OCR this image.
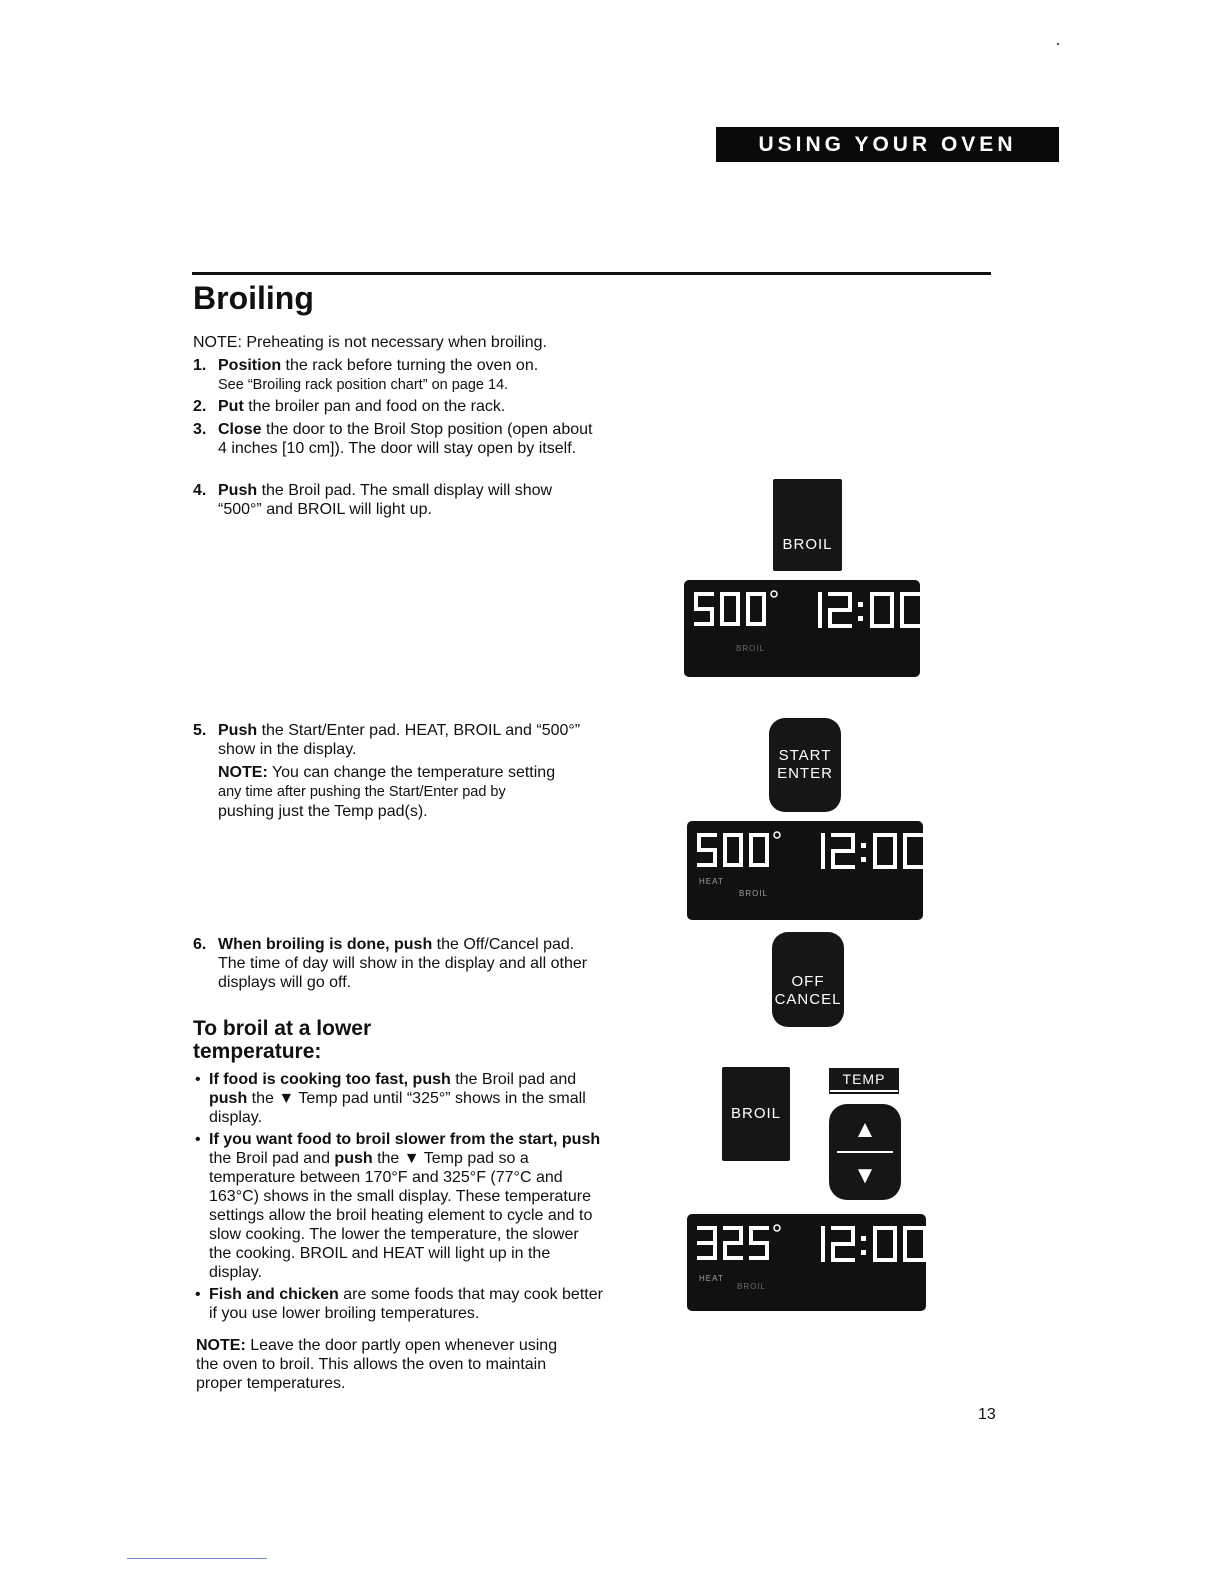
USING YOUR OVEN
Broiling
NOTE: Preheating is not necessary when broiling.
1. Position the rack before turning the oven on.
See “Broiling rack position chart” on page 14.
2. Put the broiler pan and food on the rack.
3. Close the door to the Broil Stop position (open about 4 inches [10 cm]). The door will stay open by itself.
4. Push the Broil pad. The small display will show “500°” and BROIL will light up.
5. Push the Start/Enter pad. HEAT, BROIL and “500°” show in the display.
NOTE: You can change the temperature setting
any time after pushing the Start/Enter pad by
pushing just the Temp pad(s).
6. When broiling is done, push the Off/Cancel pad. The time of day will show in the display and all other displays will go off.
To broil at a lower
temperature:
• If food is cooking too fast, push the Broil pad and push the ▼ Temp pad until “325°” shows in the small display.
• If you want food to broil slower from the start, push the Broil pad and push the ▼ Temp pad so a temperature between 170°F and 325°F (77°C and 163°C) shows in the small display. These temperature settings allow the broil heating element to cycle and to slow cooking. The lower the temperature, the slower the cooking. BROIL and HEAT will light up in the display.
• Fish and chicken are some foods that may cook better if you use lower broiling temperatures.
NOTE: Leave the door partly open whenever using the oven to broil. This allows the oven to maintain proper temperatures.
13
BROIL
BROIL
START
ENTER
HEAT
BROIL
OFF
CANCEL
BROIL
TEMP
▲
▼
HEAT
BROIL
